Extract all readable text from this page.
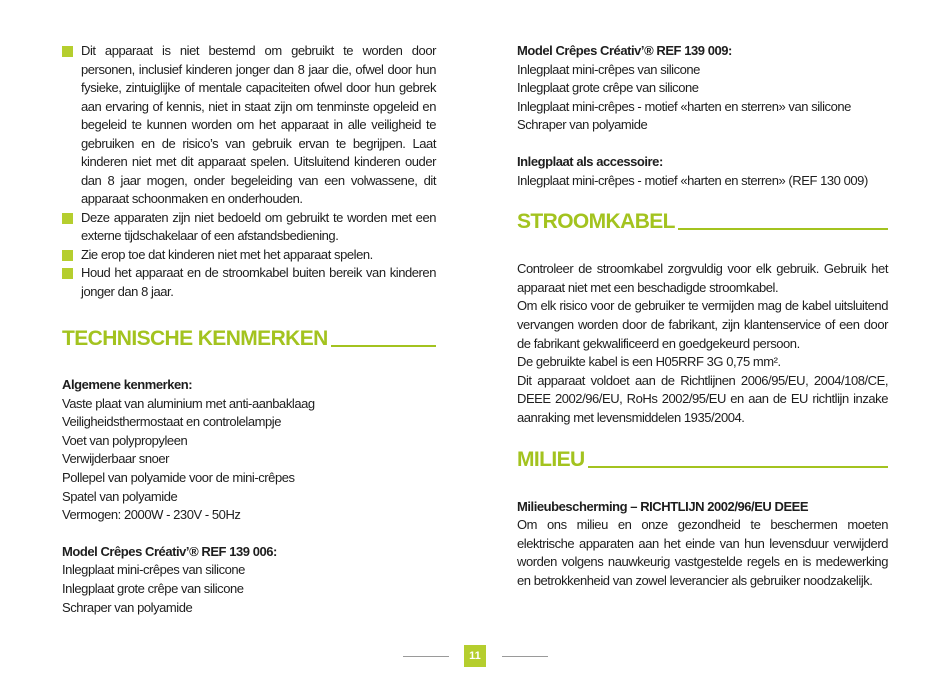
Dit apparaat is niet bestemd om gebruikt te worden door personen, inclusief kinderen jonger dan 8 jaar die, ofwel door hun fysieke, zintuiglijke of mentale capaciteiten ofwel door hun gebrek aan ervaring of kennis, niet in staat zijn om tenminste opgeleid en begeleid te kunnen worden om het apparaat in alle veiligheid te gebruiken en de risico’s van gebruik ervan te begrijpen. Laat kinderen niet met dit apparaat spelen. Uitsluitend kinderen ouder dan 8 jaar mogen, onder begeleiding van een volwassene, dit apparaat schoonmaken en onderhouden.
Deze apparaten zijn niet bedoeld om gebruikt te worden met een externe tijdschakelaar of een afstandsbediening.
Zie erop toe dat kinderen niet met het apparaat spelen.
Houd het apparaat en de stroomkabel buiten bereik van kinderen jonger dan 8 jaar.
TECHNISCHE KENMERKEN
Algemene kenmerken:
Vaste plaat van aluminium met anti-aanbaklaag
Veiligheidsthermostaat en controlelampje
Voet van polypropyleen
Verwijderbaar snoer
Pollepel van polyamide voor de mini-crêpes
Spatel van polyamide
Vermogen: 2000W - 230V - 50Hz
Model Crêpes Créativ’® REF 139 006:
Inlegplaat mini-crêpes van silicone
Inlegplaat grote crêpe van silicone
Schraper van polyamide
Model Crêpes Créativ’® REF 139 009:
Inlegplaat mini-crêpes van silicone
Inlegplaat grote crêpe van silicone
Inlegplaat mini-crêpes - motief «harten en sterren» van silicone
Schraper van polyamide
Inlegplaat als accessoire:
Inlegplaat mini-crêpes - motief «harten en sterren» (REF 130 009)
STROOMKABEL
Controleer de stroomkabel zorgvuldig voor elk gebruik. Gebruik het apparaat niet met een beschadigde stroomkabel.
Om elk risico voor de gebruiker te vermijden mag de kabel uitsluitend vervangen worden door de fabrikant, zijn klantenservice of een door de fabrikant gekwalificeerd en goedgekeurd persoon.
De gebruikte kabel is een H05RRF 3G 0,75 mm².
Dit apparaat voldoet aan de Richtlijnen 2006/95/EU, 2004/108/CE, DEEE 2002/96/EU, RoHs 2002/95/EU en aan de EU richtlijn inzake aanraking met levensmiddelen 1935/2004.
MILIEU
Milieubescherming – RICHTLIJN 2002/96/EU DEEE
Om ons milieu en onze gezondheid te beschermen moeten elektrische apparaten aan het einde van hun levensduur verwijderd worden volgens nauwkeurig vastgestelde regels en is medewerking en betrokkenheid van zowel leverancier als gebruiker noodzakelijk.
11
